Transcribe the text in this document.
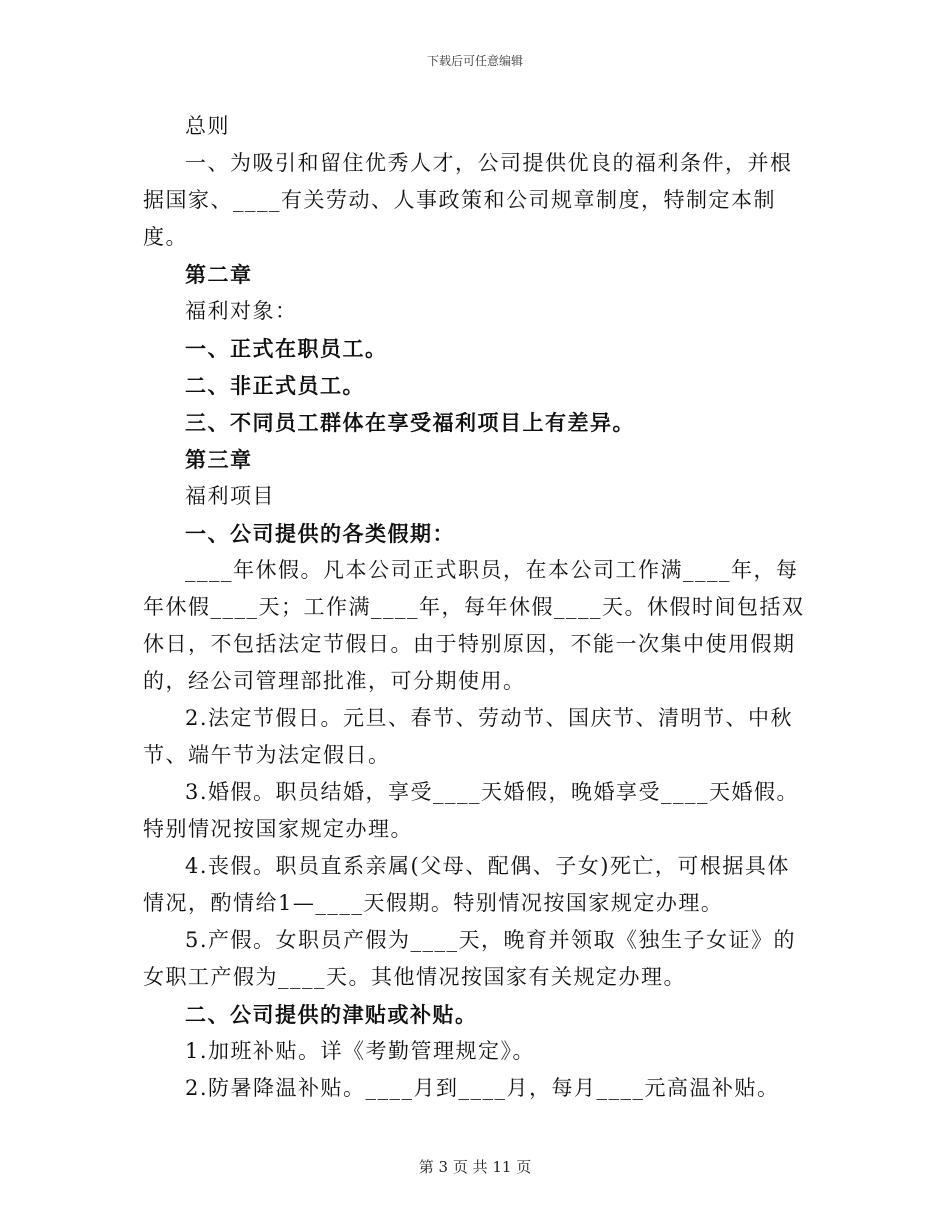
下载后可任意编辑

总则

一、为吸引和留住优秀人才，公司提供优良的福利条件，并根据国家、____有关劳动、人事政策和公司规章制度，特制定本制度。

第二章

福利对象：

一、正式在职员工。

二、非正式员工。

三、不同员工群体在享受福利项目上有差异。

第三章

福利项目

一、公司提供的各类假期：

____年休假。凡本公司正式职员，在本公司工作满____年，每年休假____天；工作满____年，每年休假____天。休假时间包括双休日，不包括法定节假日。由于特别原因，不能一次集中使用假期的，经公司管理部批准，可分期使用。

2.法定节假日。元旦、春节、劳动节、国庆节、清明节、中秋节、端午节为法定假日。

3.婚假。职员结婚，享受____天婚假，晚婚享受____天婚假。特别情况按国家规定办理。

4.丧假。职员直系亲属(父母、配偶、子女)死亡，可根据具体情况，酌情给1—____天假期。特别情况按国家规定办理。

5.产假。女职员产假为____天，晚育并领取《独生子女证》的女职工产假为____天。其他情况按国家有关规定办理。

二、公司提供的津贴或补贴。

1.加班补贴。详《考勤管理规定》。

2.防暑降温补贴。____月到____月，每月____元高温补贴。

第 3 页 共 11 页
